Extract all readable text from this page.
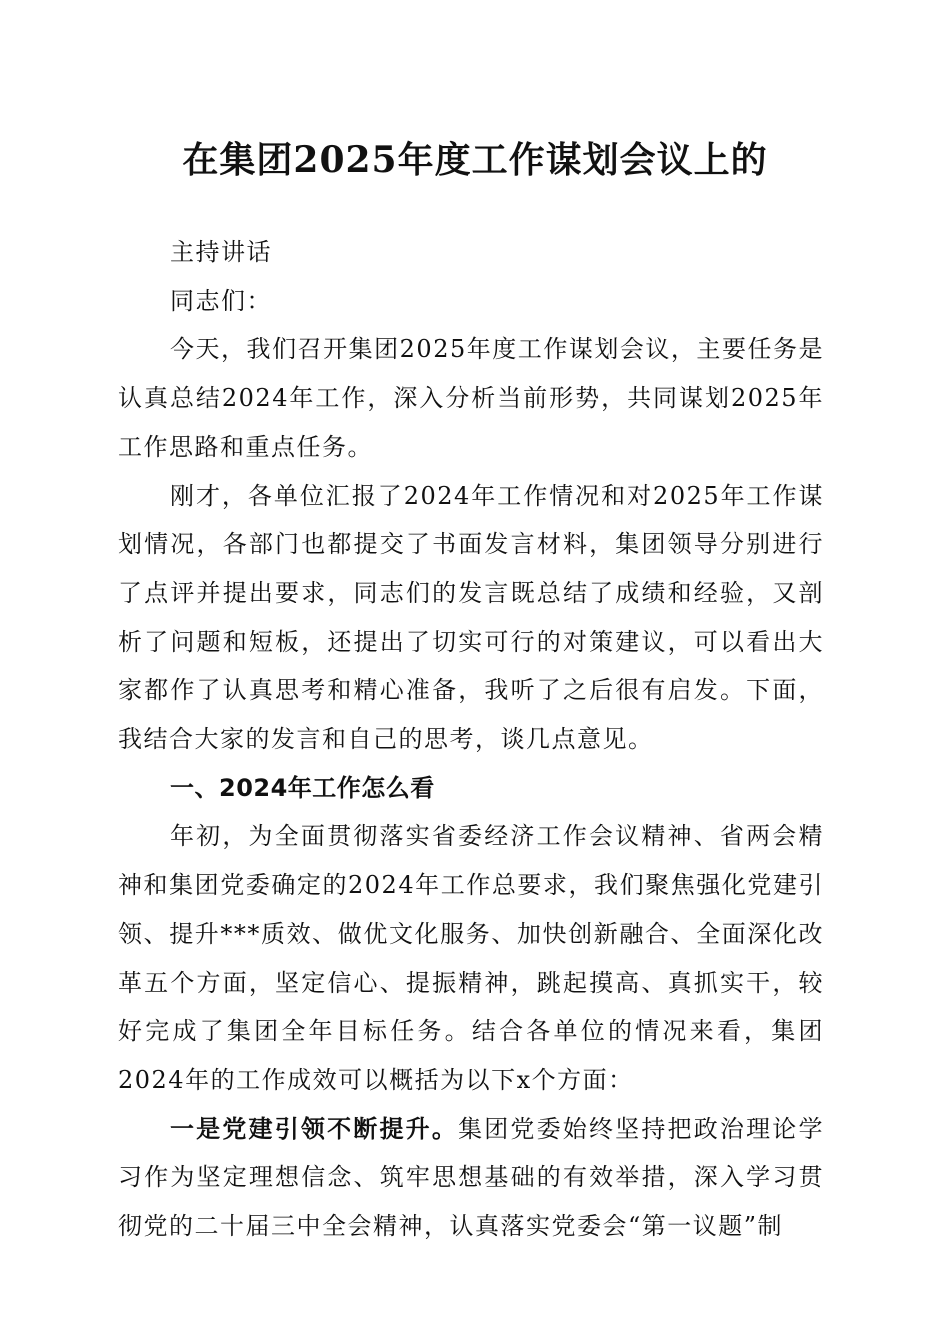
在集团2025年度工作谋划会议上的

主持讲话

同志们：

今天，我们召开集团2025年度工作谋划会议，主要任务是认真总结2024年工作，深入分析当前形势，共同谋划2025年工作思路和重点任务。

刚才，各单位汇报了2024年工作情况和对2025年工作谋划情况，各部门也都提交了书面发言材料，集团领导分别进行了点评并提出要求，同志们的发言既总结了成绩和经验，又剖析了问题和短板，还提出了切实可行的对策建议，可以看出大家都作了认真思考和精心准备，我听了之后很有启发。下面，我结合大家的发言和自己的思考，谈几点意见。

一、2024年工作怎么看

年初，为全面贯彻落实省委经济工作会议精神、省两会精神和集团党委确定的2024年工作总要求，我们聚焦强化党建引领、提升***质效、做优文化服务、加快创新融合、全面深化改革五个方面，坚定信心、提振精神，跳起摸高、真抓实干，较好完成了集团全年目标任务。结合各单位的情况来看，集团2024年的工作成效可以概括为以下x个方面：

一是党建引领不断提升。集团党委始终坚持把政治理论学习作为坚定理想信念、筑牢思想基础的有效举措，深入学习贯彻党的二十届三中全会精神，认真落实党委会“第一议题”制
